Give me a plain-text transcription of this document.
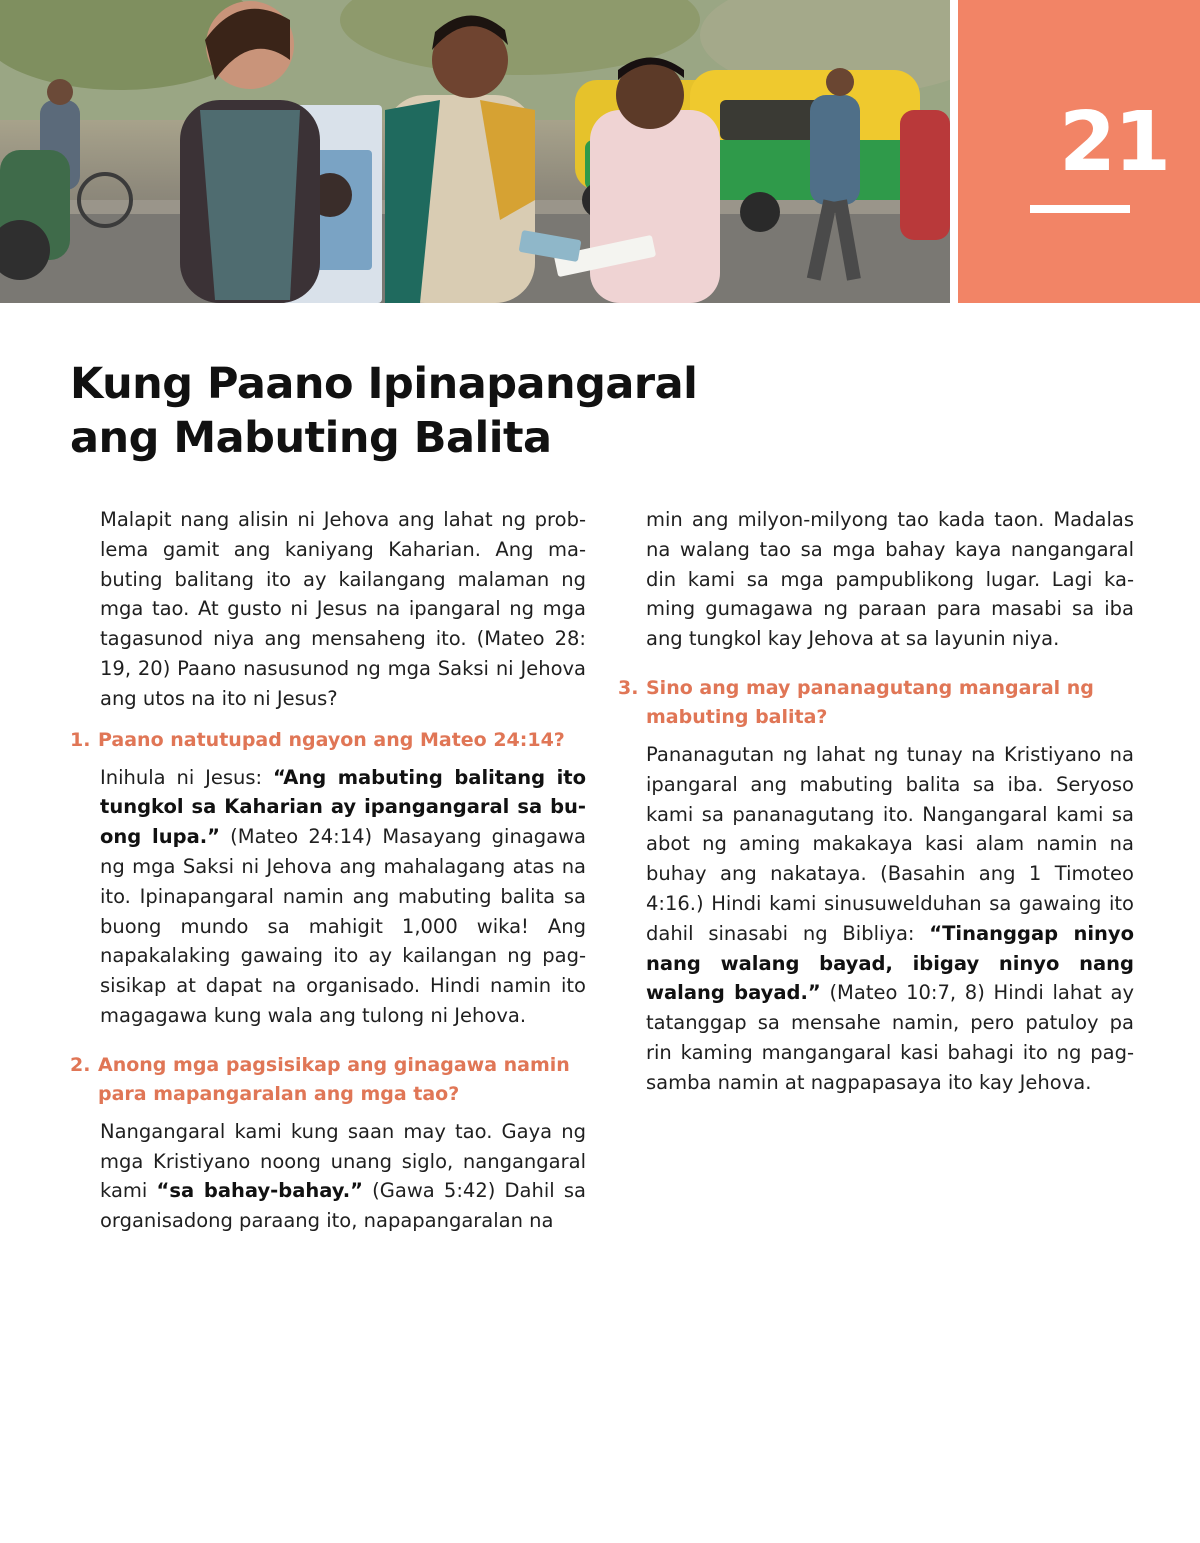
21
Kung Paano Ipinapangaral
ang Mabuting Balita

Malapit nang alisin ni Jehova ang lahat ng problema gamit ang kaniyang Kaharian. Ang mabuting balitang ito ay kailangang malaman ng mga tao. At gusto ni Jesus na ipangaral ng mga tagasunod niya ang mensaheng ito. (Mateo 28: 19, 20) Paano nasusunod ng mga Saksi ni Jehova ang utos na ito ni Jesus?

1. Paano natutupad ngayon ang Mateo 24:14?

Inihula ni Jesus: “Ang mabuting balitang ito tungkol sa Kaharian ay ipangangaral sa buong lupa.” (Mateo 24:14) Masayang ginagawa ng mga Saksi ni Jehova ang mahalagang atas na ito. Ipinapangaral namin ang mabuting balita sa buong mundo sa mahigit 1,000 wika! Ang napakalaking gawaing ito ay kailangan ng pagsisikap at dapat na organisado. Hindi namin ito magagawa kung wala ang tulong ni Jehova.

2. Anong mga pagsisikap ang ginagawa namin para mapangaralan ang mga tao?

Nangangaral kami kung saan may tao. Gaya ng mga Kristiyano noong unang siglo, nangangaral kami “sa bahay-bahay.” (Gawa 5:42) Dahil sa organisadong paraang ito, napapangaralan na

min ang milyon-milyong tao kada taon. Madalas na walang tao sa mga bahay kaya nangangaral din kami sa mga pampublikong lugar. Lagi kaming gumagawa ng paraan para masabi sa iba ang tungkol kay Jehova at sa layunin niya.

3. Sino ang may pananagutang mangaral ng mabuting balita?

Pananagutan ng lahat ng tunay na Kristiyano na ipangaral ang mabuting balita sa iba. Seryoso kami sa pananagutang ito. Nangangaral kami sa abot ng aming makakaya kasi alam namin na buhay ang nakataya. (Basahin ang 1 Timoteo 4:16.) Hindi kami sinusuwelduhan sa gawaing ito dahil sinasabi ng Bibliya: “Tinanggap ninyo nang walang bayad, ibigay ninyo nang walang bayad.” (Mateo 10:7, 8) Hindi lahat ay tatanggap sa mensahe namin, pero patuloy pa rin kaming mangangaral kasi bahagi ito ng pagsamba namin at nagpapasaya ito kay Jehova.
